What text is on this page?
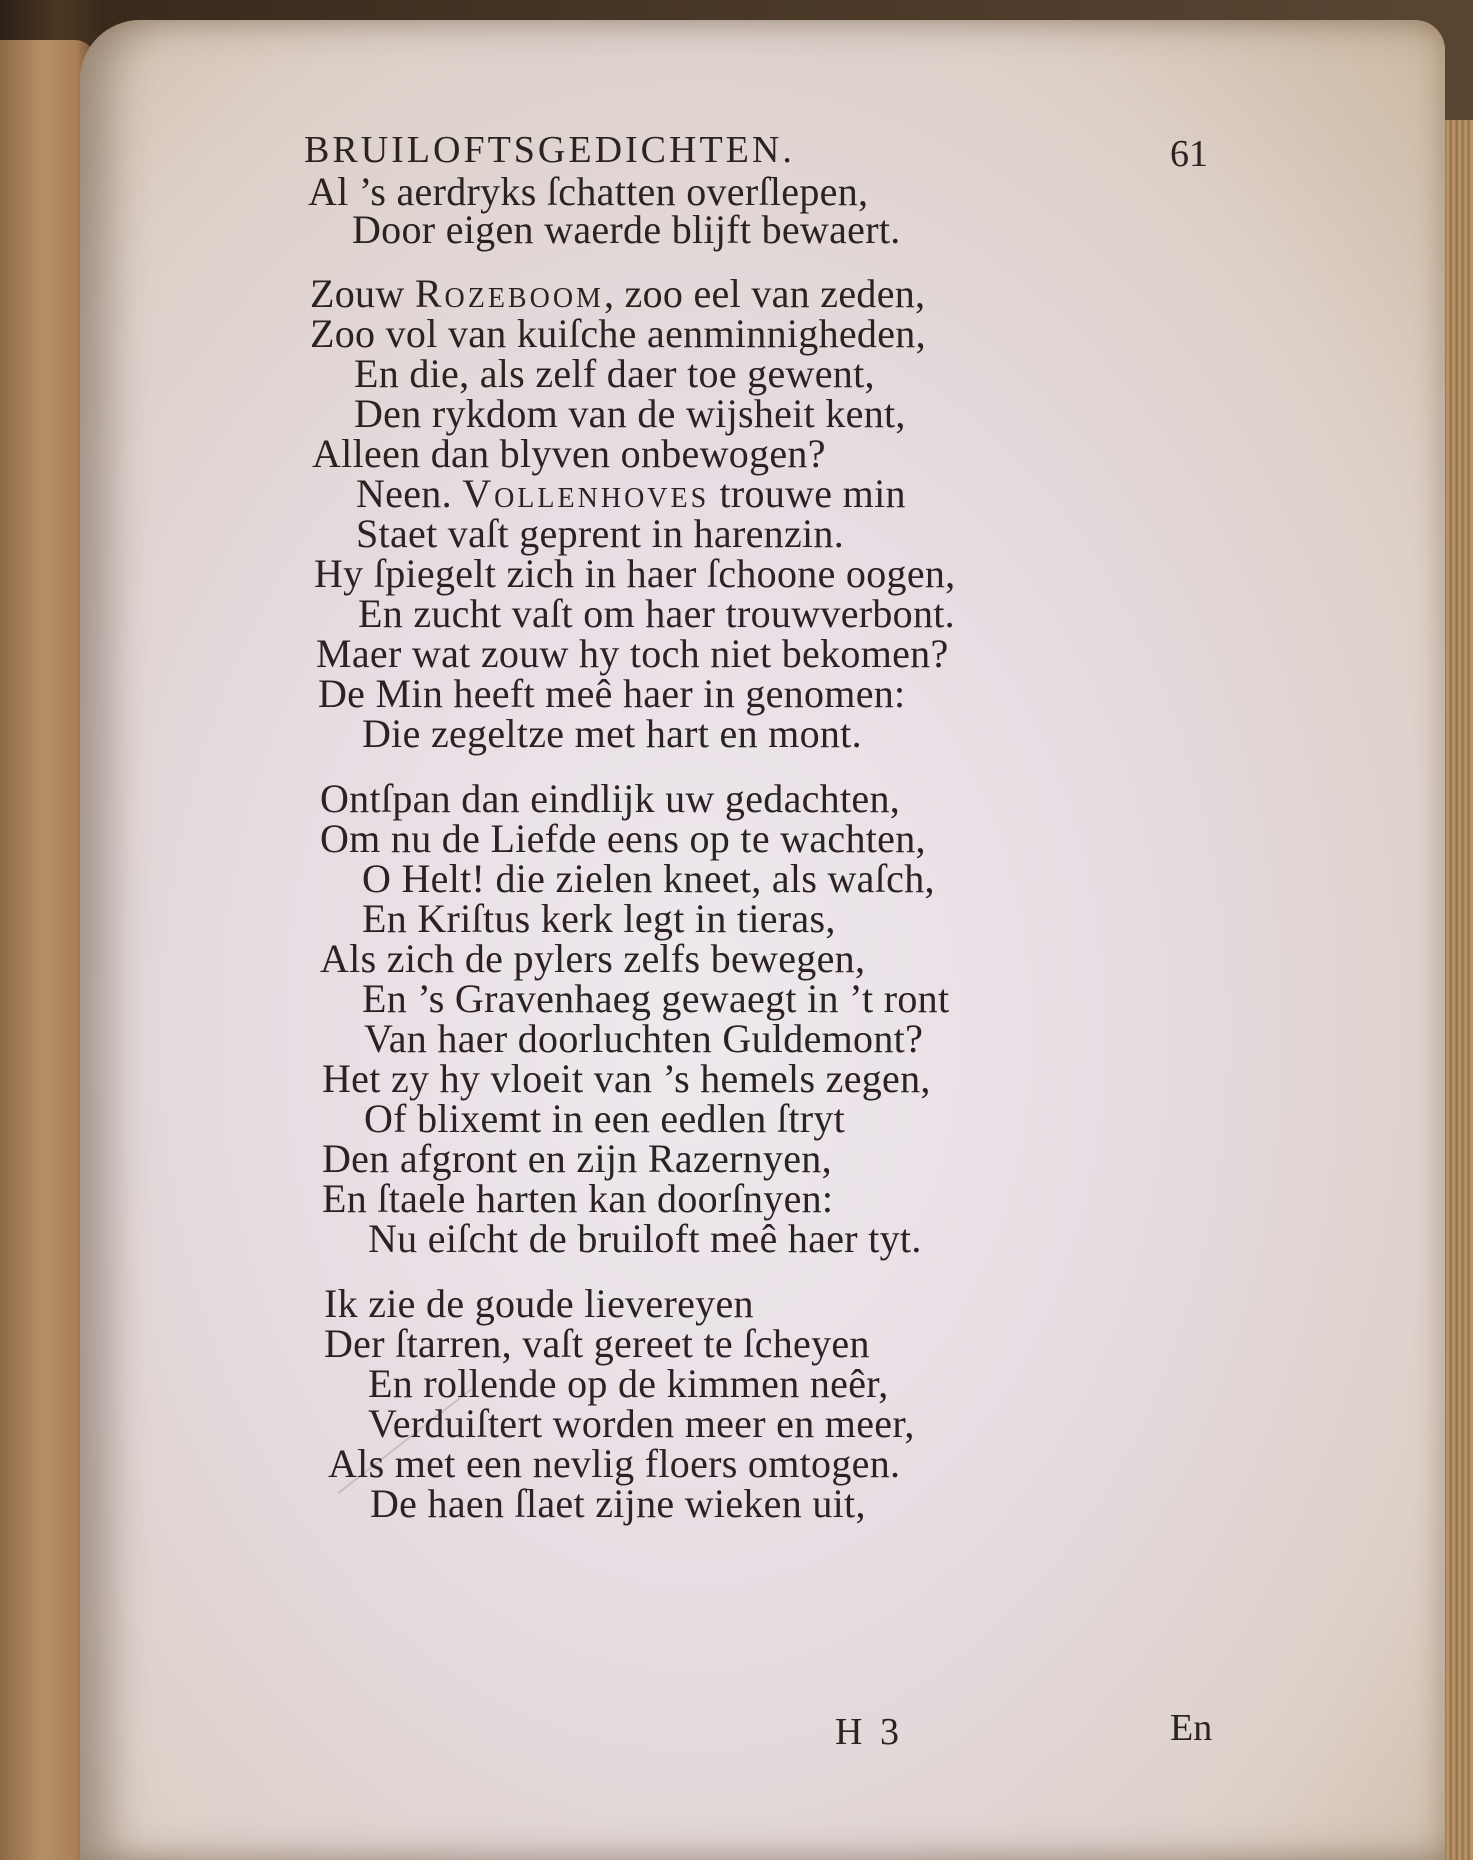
BRUILOFTSGEDICHTEN.	61
Al ’s aerdryks ſchatten overſlepen,
Door eigen waerde blijft bewaert.
Zouw Rozeboom, zoo eel van zeden,
Zoo vol van kuiſche aenminnigheden,
En die, als zelf daer toe gewent,
Den rykdom van de wijsheit kent,
Alleen dan blyven onbewogen?
Neen. Vollenhoves trouwe min
Staet vaſt geprent in harenzin.
Hy ſpiegelt zich in haer ſchoone oogen,
En zucht vaſt om haer trouwverbont.
Maer wat zouw hy toch niet bekomen?
De Min heeft meê haer in genomen:
Die zegeltze met hart en mont.
Ontſpan dan eindlijk uw gedachten,
Om nu de Liefde eens op te wachten,
O Helt! die zielen kneet, als waſch,
En Kriſtus kerk legt in tieras,
Als zich de pylers zelfs bewegen,
En ’s Gravenhaeg gewaegt in ’t ront
Van haer doorluchten Guldemont?
Het zy hy vloeit van ’s hemels zegen,
Of blixemt in een eedlen ſtryt
Den afgront en zijn Razernyen,
En ſtaele harten kan doorſnyen:
Nu eiſcht de bruiloft meê haer tyt.
Ik zie de goude lievereyen
Der ſtarren, vaſt gereet te ſcheyen
En rollende op de kimmen neêr,
Verduiſtert worden meer en meer,
Als met een nevlig floers omtogen.
De haen ſlaet zijne wieken uit,
H 3	En
